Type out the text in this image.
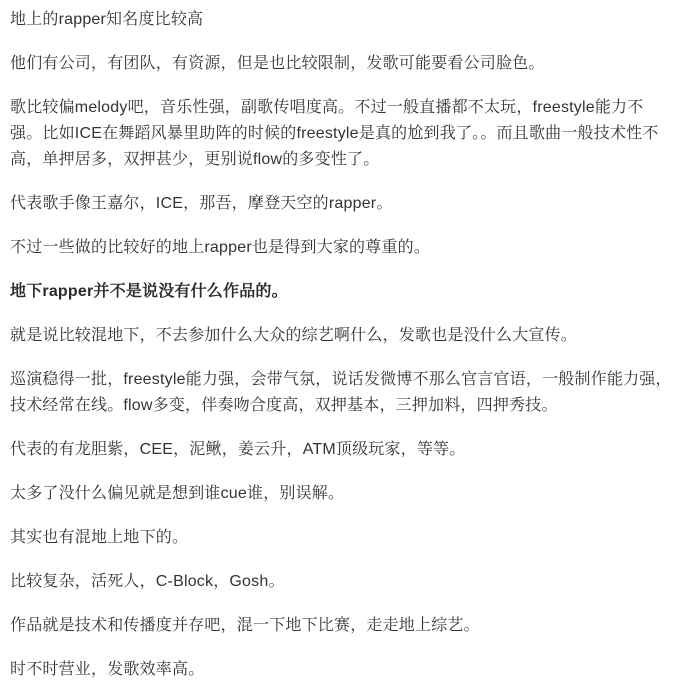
地上的rapper知名度比较高

他们有公司，有团队，有资源，但是也比较限制，发歌可能要看公司脸色。

歌比较偏melody吧，音乐性强，副歌传唱度高。不过一般直播都不太玩，freestyle能力不强。比如ICE在舞蹈风暴里助阵的时候的freestyle是真的尬到我了。。而且歌曲一般技术性不高，单押居多，双押甚少，更别说flow的多变性了。

代表歌手像王嘉尔，ICE，那吾，摩登天空的rapper。

不过一些做的比较好的地上rapper也是得到大家的尊重的。

地下rapper并不是说没有什么作品的。

就是说比较混地下，不去参加什么大众的综艺啊什么，发歌也是没什么大宣传。

巡演稳得一批，freestyle能力强，会带气氛，说话发微博不那么官言官语，一般制作能力强，技术经常在线。flow多变，伴奏吻合度高，双押基本，三押加料，四押秀技。

代表的有龙胆紫，CEE，泥鳅，姜云升，ATM顶级玩家，等等。

太多了没什么偏见就是想到谁cue谁，别误解。

其实也有混地上地下的。

比较复杂，活死人，C-Block，Gosh。

作品就是技术和传播度并存吧，混一下地下比赛，走走地上综艺。

时不时营业，发歌效率高。
